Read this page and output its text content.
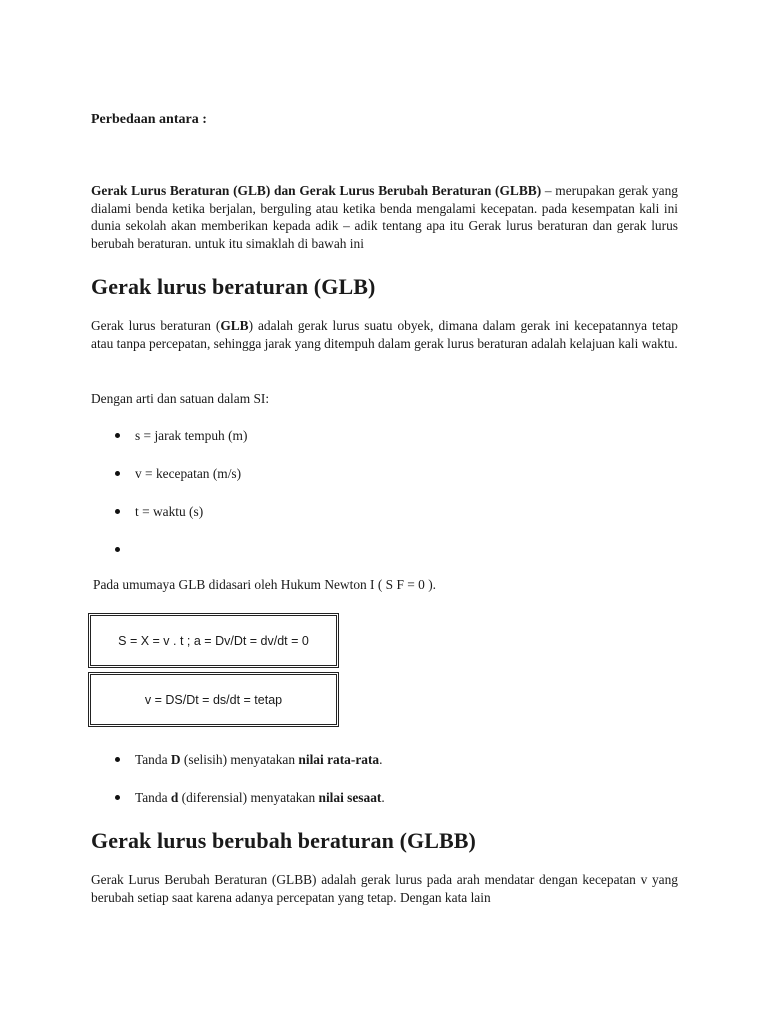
Perbedaan antara :

Gerak Lurus Beraturan (GLB) dan Gerak Lurus Berubah Beraturan (GLBB) – merupakan gerak yang dialami benda ketika berjalan, berguling atau ketika benda mengalami kecepatan. pada kesempatan kali ini dunia sekolah akan memberikan kepada adik – adik tentang apa itu Gerak lurus beraturan dan gerak lurus berubah beraturan. untuk itu simaklah di bawah ini

Gerak lurus beraturan (GLB)

Gerak lurus beraturan (GLB) adalah gerak lurus suatu obyek, dimana dalam gerak ini kecepatannya tetap atau tanpa percepatan, sehingga jarak yang ditempuh dalam gerak lurus beraturan adalah kelajuan kali waktu.

Dengan arti dan satuan dalam SI:

s = jarak tempuh (m)
v = kecepatan (m/s)
t = waktu (s)

Pada umumaya GLB didasari oleh Hukum Newton I ( S F = 0 ).

S = X = v . t ; a = Dv/Dt = dv/dt = 0
v = DS/Dt = ds/dt = tetap
Tanda D (selisih) menyatakan nilai rata-rata.
Tanda d (diferensial) menyatakan nilai sesaat.
Gerak lurus berubah beraturan (GLBB)

Gerak Lurus Berubah Beraturan (GLBB) adalah gerak lurus pada arah mendatar dengan kecepatan v yang berubah setiap saat karena adanya percepatan yang tetap. Dengan kata lain
